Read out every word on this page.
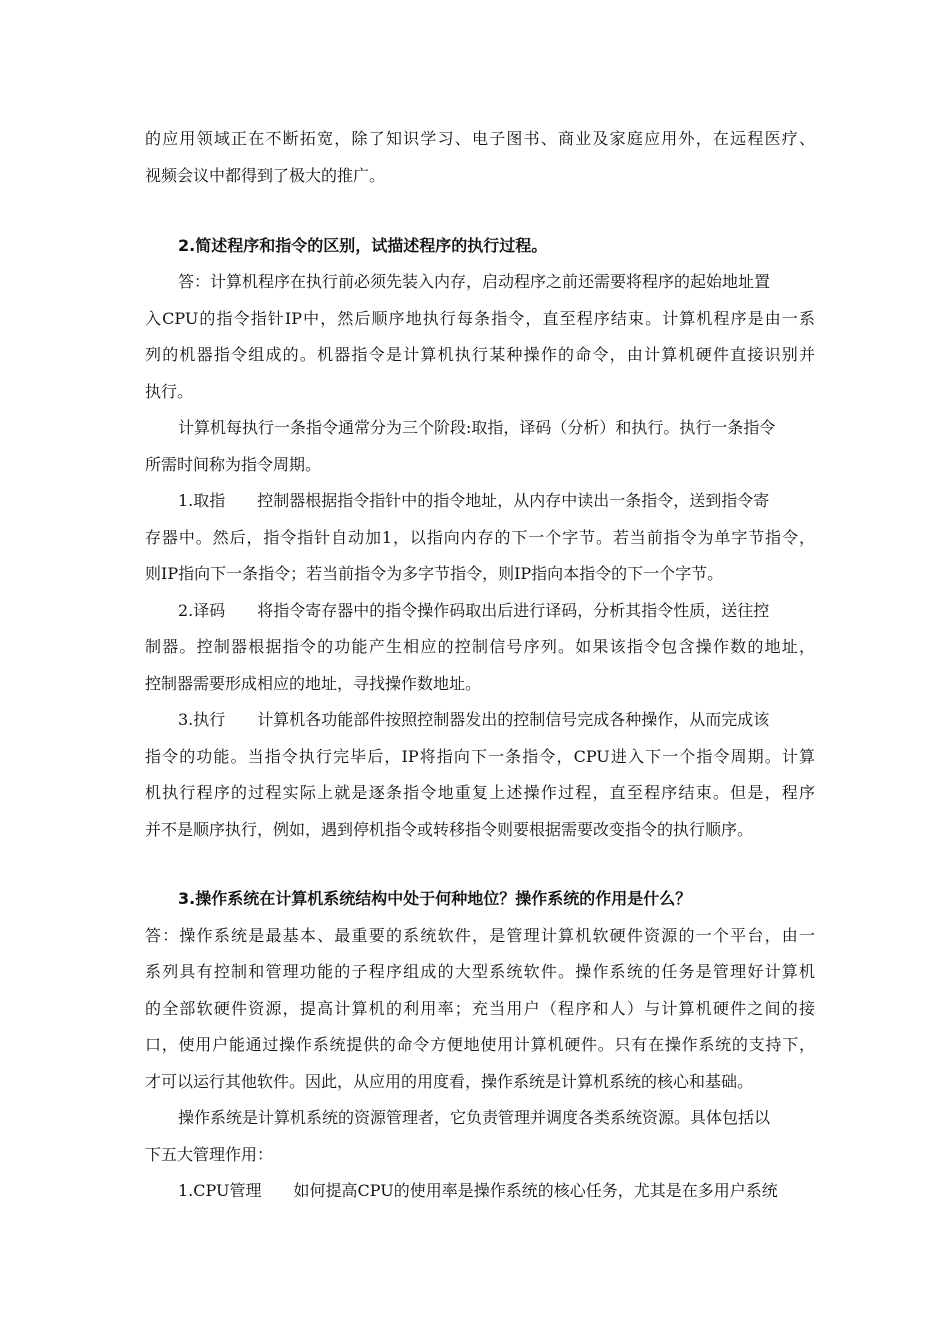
的应用领域正在不断拓宽，除了知识学习、电子图书、商业及家庭应用外，在远程医疗、
视频会议中都得到了极大的推广。
2.简述程序和指令的区别，试描述程序的执行过程。
答：计算机程序在执行前必须先装入内存，启动程序之前还需要将程序的起始地址置
入CPU的指令指针IP中，然后顺序地执行每条指令，直至程序结束。计算机程序是由一系
列的机器指令组成的。机器指令是计算机执行某种操作的命令，由计算机硬件直接识别并
执行。
计算机每执行一条指令通常分为三个阶段:取指，译码（分析）和执行。执行一条指令
所需时间称为指令周期。
1.取指 控制器根据指令指针中的指令地址，从内存中读出一条指令，送到指令寄
存器中。然后，指令指针自动加1，以指向内存的下一个字节。若当前指令为单字节指令，
则IP指向下一条指令；若当前指令为多字节指令，则IP指向本指令的下一个字节。
2.译码 将指令寄存器中的指令操作码取出后进行译码，分析其指令性质，送往控
制器。控制器根据指令的功能产生相应的控制信号序列。如果该指令包含操作数的地址，
控制器需要形成相应的地址，寻找操作数地址。
3.执行 计算机各功能部件按照控制器发出的控制信号完成各种操作，从而完成该
指令的功能。当指令执行完毕后，IP将指向下一条指令，CPU进入下一个指令周期。计算
机执行程序的过程实际上就是逐条指令地重复上述操作过程，直至程序结束。但是，程序
并不是顺序执行，例如，遇到停机指令或转移指令则要根据需要改变指令的执行顺序。
3.操作系统在计算机系统结构中处于何种地位？操作系统的作用是什么？
答：操作系统是最基本、最重要的系统软件，是管理计算机软硬件资源的一个平台，由一
系列具有控制和管理功能的子程序组成的大型系统软件。操作系统的任务是管理好计算机
的全部软硬件资源，提高计算机的利用率；充当用户（程序和人）与计算机硬件之间的接
口，使用户能通过操作系统提供的命令方便地使用计算机硬件。只有在操作系统的支持下，
才可以运行其他软件。因此，从应用的用度看，操作系统是计算机系统的核心和基础。
操作系统是计算机系统的资源管理者，它负责管理并调度各类系统资源。具体包括以
下五大管理作用：
1.CPU管理 如何提高CPU的使用率是操作系统的核心任务，尤其是在多用户系统
